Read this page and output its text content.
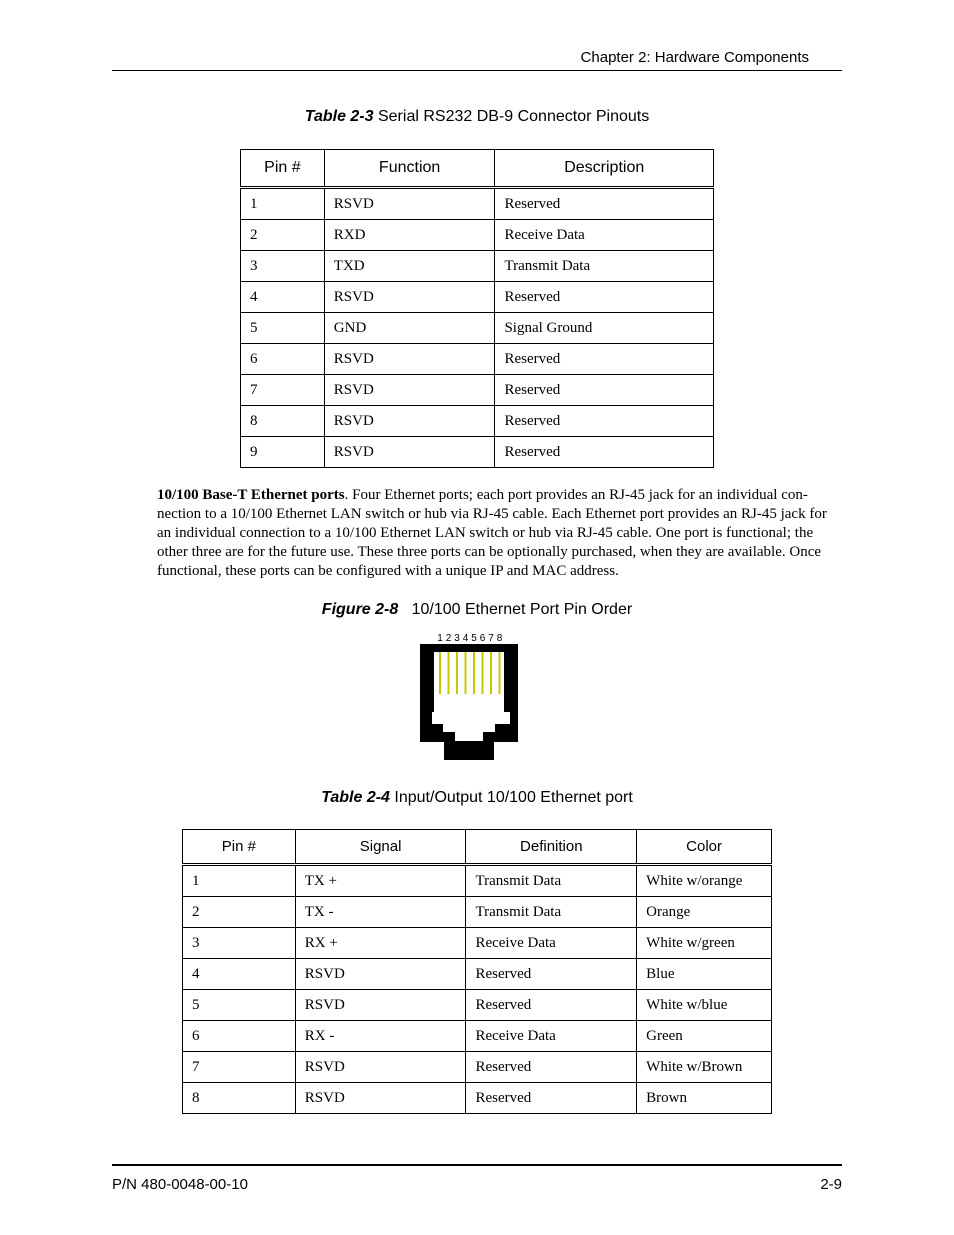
Chapter 2: Hardware Components
Table 2-3 Serial RS232 DB-9 Connector Pinouts
Pin #	Function	Description
1	RSVD	Reserved
2	RXD	Receive Data
3	TXD	Transmit Data
4	RSVD	Reserved
5	GND	Signal Ground
6	RSVD	Reserved
7	RSVD	Reserved
8	RSVD	Reserved
9	RSVD	Reserved

10/100 Base-T Ethernet ports. Four Ethernet ports; each port provides an RJ-45 jack for an individual con-nection to a 10/100 Ethernet LAN switch or hub via RJ-45 cable. Each Ethernet port provides an RJ-45 jack for an individual connection to a 10/100 Ethernet LAN switch or hub via RJ-45 cable. One port is functional; the other three are for the future use. These three ports can be optionally purchased, when they are available. Once functional, these ports can be configured with a unique IP and MAC address.

Figure 2-8 10/100 Ethernet Port Pin Order
1 2 3 4 5 6 7 8
Table 2-4 Input/Output 10/100 Ethernet port
Pin #	Signal	Definition	Color
1	TX +	Transmit Data	White w/orange
2	TX -	Transmit Data	Orange
3	RX +	Receive Data	White w/green
4	RSVD	Reserved	Blue
5	RSVD	Reserved	White w/blue
6	RX -	Receive Data	Green
7	RSVD	Reserved	White w/Brown
8	RSVD	Reserved	Brown
P/N 480-0048-00-10	2-9
